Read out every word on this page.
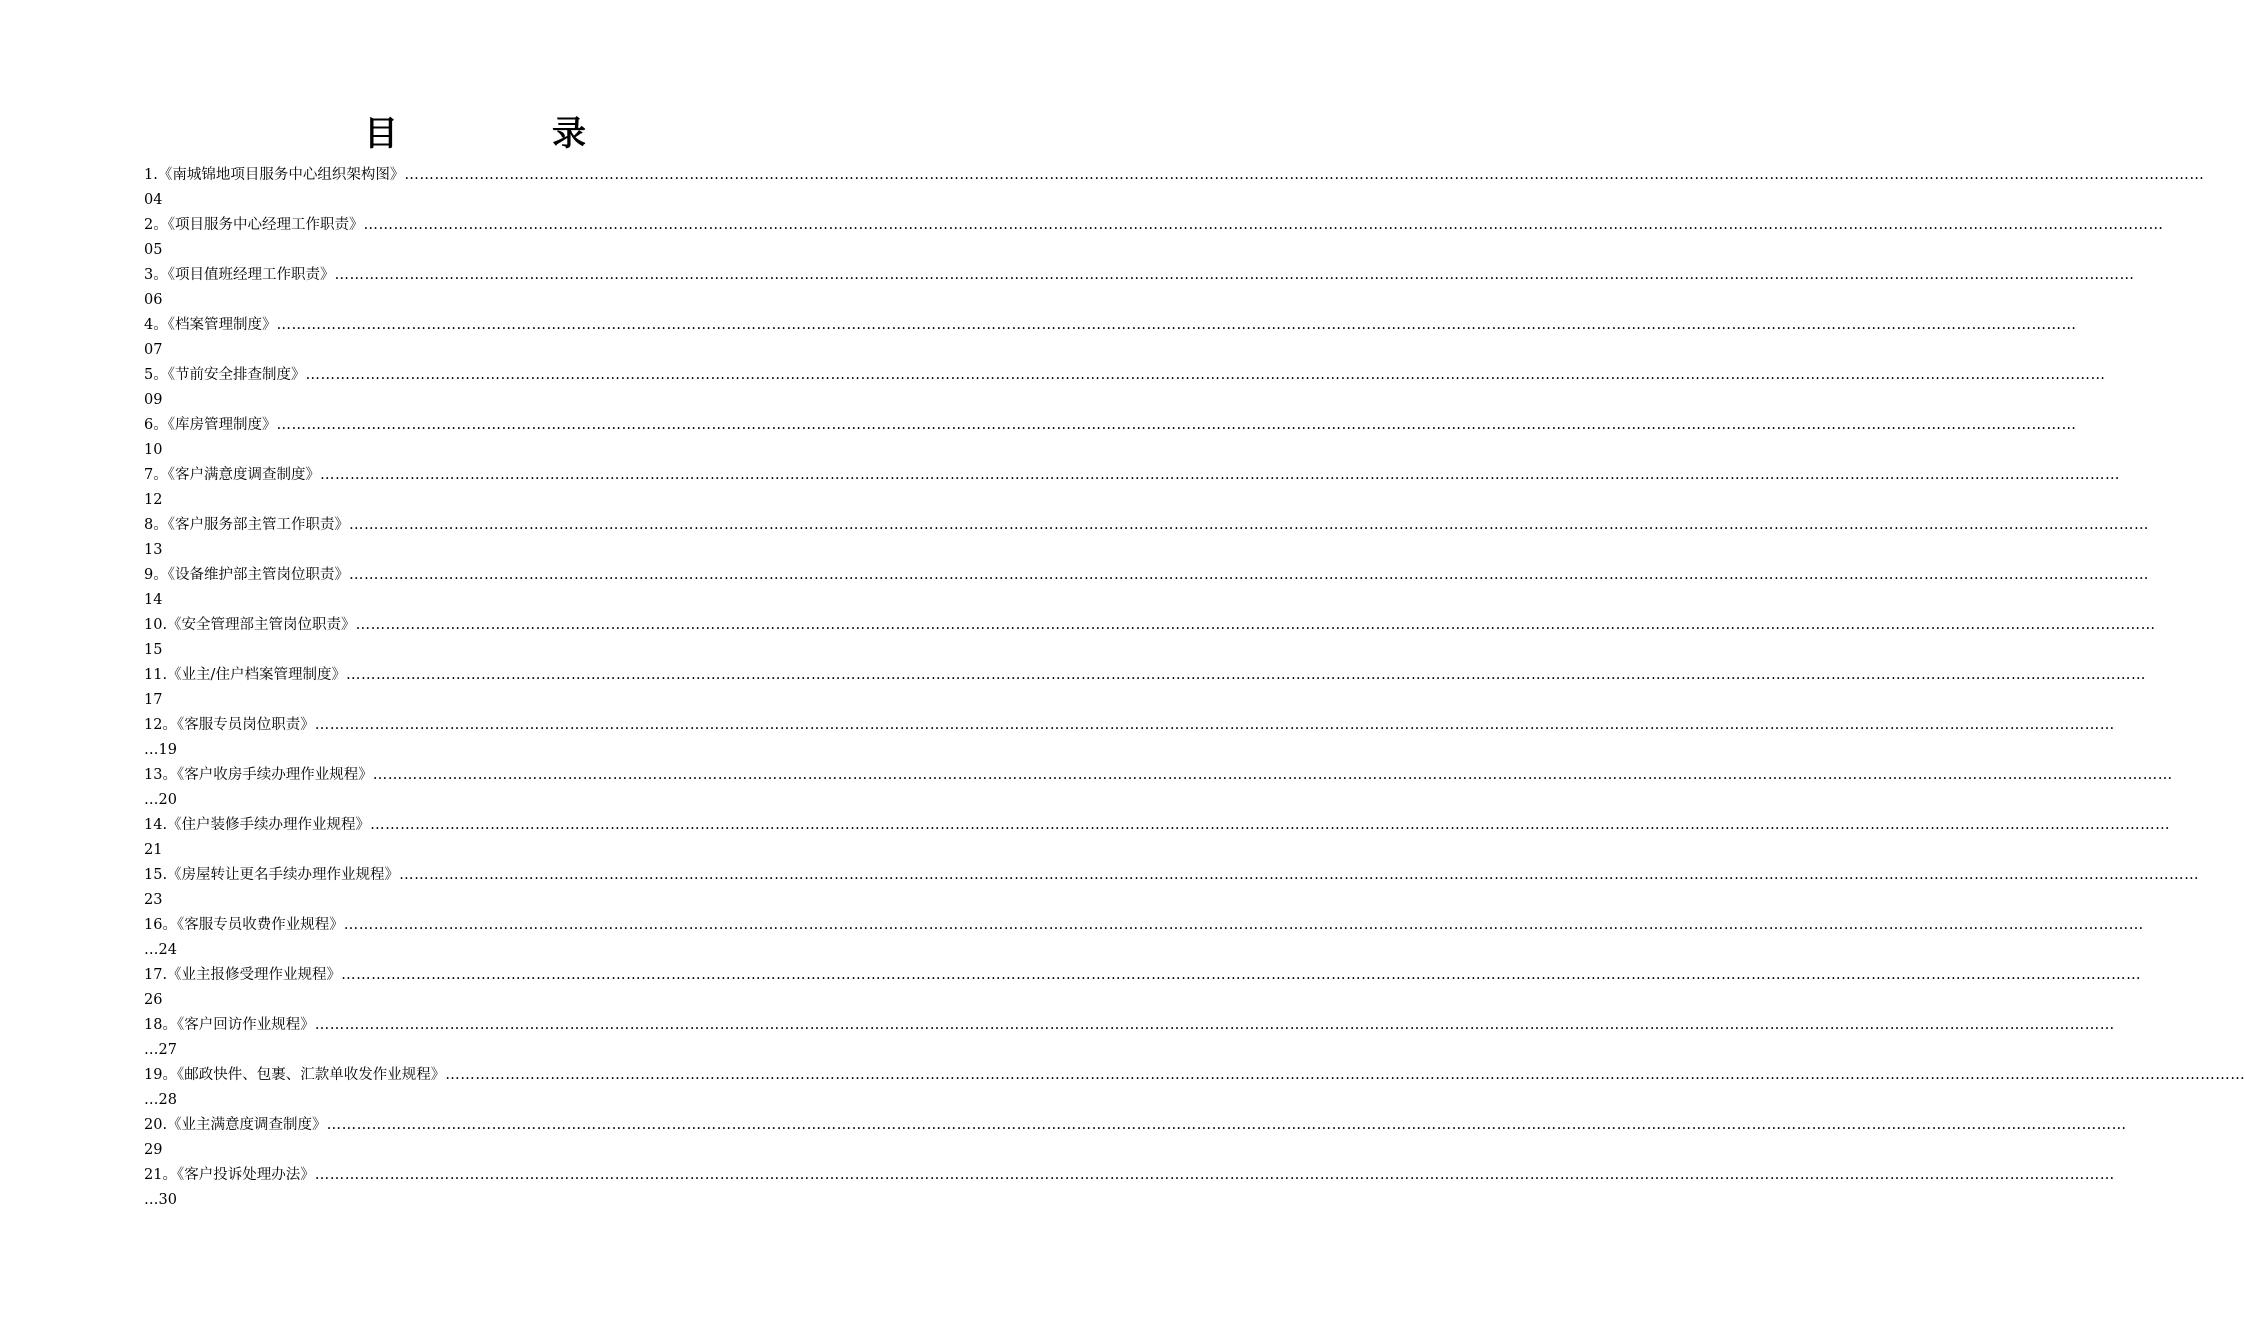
目　录
1.《南城锦地项目服务中心组织架构图》………………………………………………………………………………………………………………………………………………………………………………………………………………………………………………………………………………………………………………………………
04
2。《项目服务中心经理工作职责》………………………………………………………………………………………………………………………………………………………………………………………………………………………………………………………………………………………………………………………………
05
3。《项目值班经理工作职责》………………………………………………………………………………………………………………………………………………………………………………………………………………………………………………………………………………………………………………………………
06
4。《档案管理制度》………………………………………………………………………………………………………………………………………………………………………………………………………………………………………………………………………………………………………………………………
07
5。《节前安全排查制度》………………………………………………………………………………………………………………………………………………………………………………………………………………………………………………………………………………………………………………………………
09
6。《库房管理制度》………………………………………………………………………………………………………………………………………………………………………………………………………………………………………………………………………………………………………………………………
10
7。《客户满意度调查制度》………………………………………………………………………………………………………………………………………………………………………………………………………………………………………………………………………………………………………………………………
12
8。《客户服务部主管工作职责》………………………………………………………………………………………………………………………………………………………………………………………………………………………………………………………………………………………………………………………………
13
9。《设备维护部主管岗位职责》………………………………………………………………………………………………………………………………………………………………………………………………………………………………………………………………………………………………………………………………
14
10.《安全管理部主管岗位职责》………………………………………………………………………………………………………………………………………………………………………………………………………………………………………………………………………………………………………………………………
15
11.《业主/住户档案管理制度》………………………………………………………………………………………………………………………………………………………………………………………………………………………………………………………………………………………………………………………………
17
12。《客服专员岗位职责》………………………………………………………………………………………………………………………………………………………………………………………………………………………………………………………………………………………………………………………………
…19
13。《客户收房手续办理作业规程》………………………………………………………………………………………………………………………………………………………………………………………………………………………………………………………………………………………………………………………………
…20
14.《住户装修手续办理作业规程》………………………………………………………………………………………………………………………………………………………………………………………………………………………………………………………………………………………………………………………………
21
15.《房屋转让更名手续办理作业规程》………………………………………………………………………………………………………………………………………………………………………………………………………………………………………………………………………………………………………………………………
23
16。《客服专员收费作业规程》………………………………………………………………………………………………………………………………………………………………………………………………………………………………………………………………………………………………………………………………
…24
17.《业主报修受理作业规程》………………………………………………………………………………………………………………………………………………………………………………………………………………………………………………………………………………………………………………………………
26
18。《客户回访作业规程》………………………………………………………………………………………………………………………………………………………………………………………………………………………………………………………………………………………………………………………………
…27
19。《邮政快件、包裹、汇款单收发作业规程》………………………………………………………………………………………………………………………………………………………………………………………………………………………………………………………………………………………………………………………………
…28
20.《业主满意度调查制度》………………………………………………………………………………………………………………………………………………………………………………………………………………………………………………………………………………………………………………………………
29
21。《客户投诉处理办法》………………………………………………………………………………………………………………………………………………………………………………………………………………………………………………………………………………………………………………………………
…30
